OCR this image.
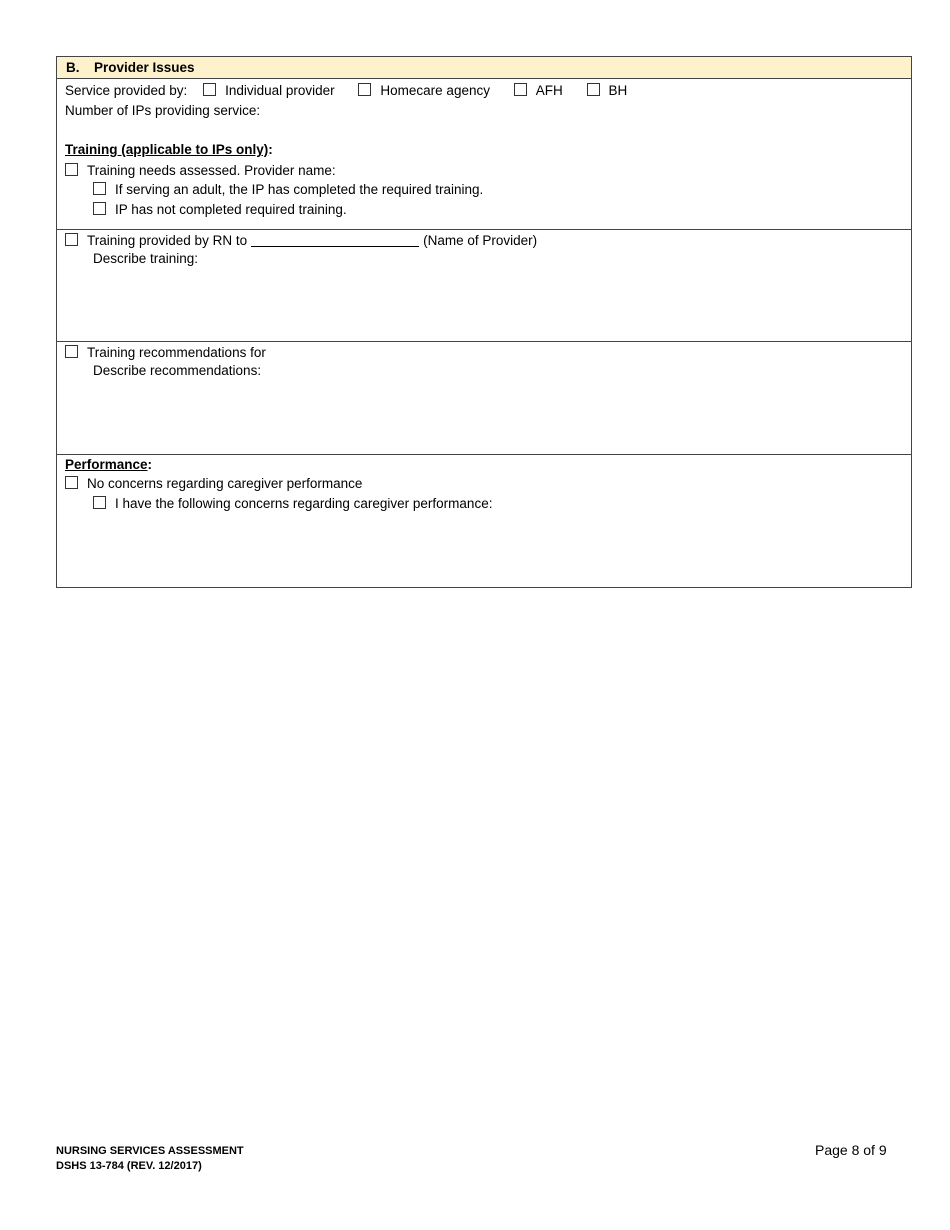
B. Provider Issues
Service provided by:	Individual provider	Homecare agency	AFH	BH
Number of IPs providing service:
Training (applicable to IPs only):
Training needs assessed. Provider name:
If serving an adult, the IP has completed the required training.
IP has not completed required training.
Training provided by RN to	(Name of Provider)
Describe training:
Training recommendations for
Describe recommendations:
Performance:
No concerns regarding caregiver performance
I have the following concerns regarding caregiver performance:
NURSING SERVICES ASSESSMENT
DSHS 13-784 (REV. 12/2017)
Page 8 of 9
